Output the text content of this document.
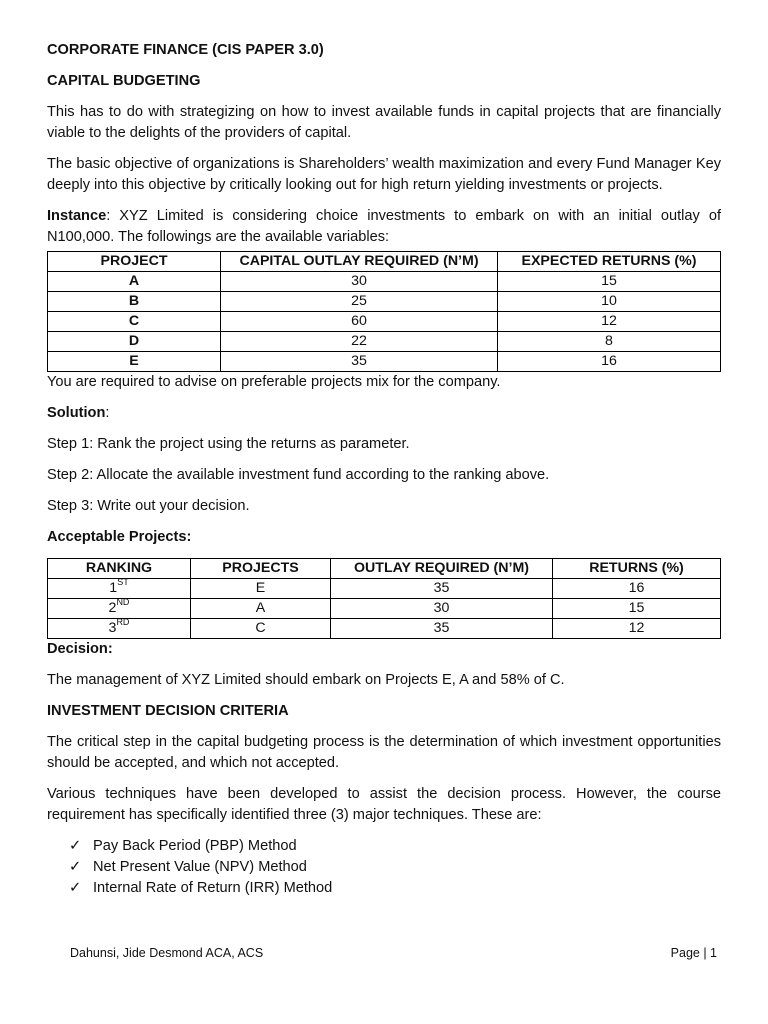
CORPORATE FINANCE (CIS PAPER 3.0)
CAPITAL BUDGETING

This has to do with strategizing on how to invest available funds in capital projects that are financially viable to the delights of the providers of capital.

The basic objective of organizations is Shareholders’ wealth maximization and every Fund Manager Key deeply into this objective by critically looking out for high return yielding investments or projects.

Instance: XYZ Limited is considering choice investments to embark on with an initial outlay of N100,000. The followings are the available variables:

PROJECT	CAPITAL OUTLAY REQUIRED (N’M)	EXPECTED RETURNS (%)
A	30	15
B	25	10
C	60	12
D	22	8
E	35	16

You are required to advise on preferable projects mix for the company.

Solution:

Step 1: Rank the project using the returns as parameter.

Step 2: Allocate the available investment fund according to the ranking above.

Step 3: Write out your decision.

Acceptable Projects:
RANKING	PROJECTS	OUTLAY REQUIRED (N’M)	RETURNS (%)
1ST	E	35	16
2ND	A	30	15
3RD	C	35	12
Decision:

The management of XYZ Limited should embark on Projects E, A and 58% of C.

INVESTMENT DECISION CRITERIA

The critical step in the capital budgeting process is the determination of which investment opportunities should be accepted, and which not accepted.

Various techniques have been developed to assist the decision process. However, the course requirement has specifically identified three (3) major techniques. These are:

✓ Pay Back Period (PBP) Method
✓ Net Present Value (NPV) Method
✓ Internal Rate of Return (IRR) Method
Dahunsi, Jide Desmond ACA, ACS	Page | 1
